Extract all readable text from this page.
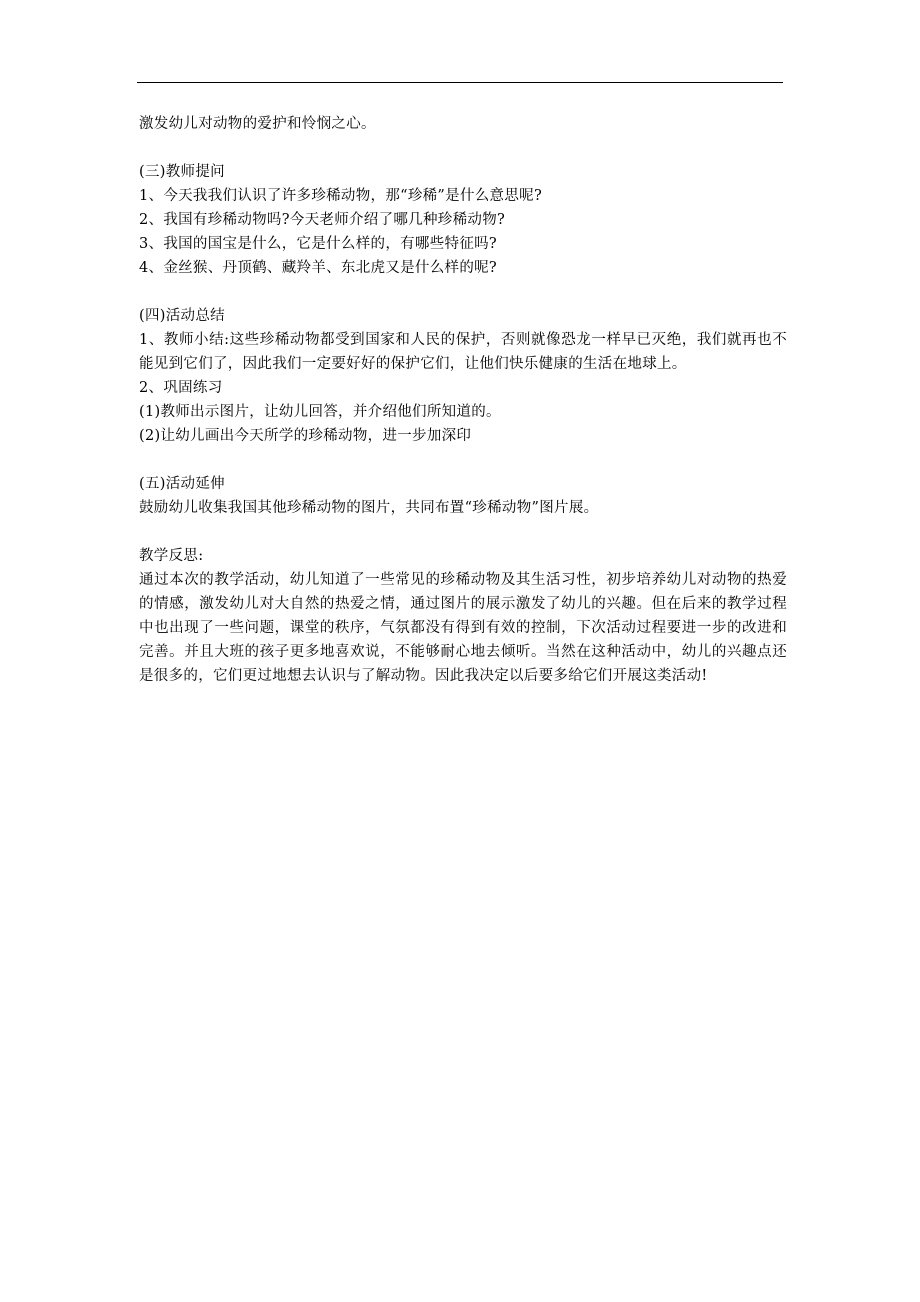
激发幼儿对动物的爱护和怜悯之心。
(三)教师提问
1、今天我我们认识了许多珍稀动物，那“珍稀”是什么意思呢?
2、我国有珍稀动物吗?今天老师介绍了哪几种珍稀动物?
3、我国的国宝是什么，它是什么样的，有哪些特征吗?
4、金丝猴、丹顶鹤、藏羚羊、东北虎又是什么样的呢?
(四)活动总结
1、教师小结:这些珍稀动物都受到国家和人民的保护，否则就像恐龙一样早已灭绝，我们就再也不能见到它们了，因此我们一定要好好的保护它们，让他们快乐健康的生活在地球上。
2、巩固练习
(1)教师出示图片，让幼儿回答，并介绍他们所知道的。
(2)让幼儿画出今天所学的珍稀动物，进一步加深印
(五)活动延伸
鼓励幼儿收集我国其他珍稀动物的图片，共同布置“珍稀动物”图片展。
教学反思:
通过本次的教学活动，幼儿知道了一些常见的珍稀动物及其生活习性，初步培养幼儿对动物的热爱的情感，激发幼儿对大自然的热爱之情，通过图片的展示激发了幼儿的兴趣。但在后来的教学过程中也出现了一些问题，课堂的秩序，气氛都没有得到有效的控制，下次活动过程要进一步的改进和完善。并且大班的孩子更多地喜欢说，不能够耐心地去倾听。当然在这种活动中，幼儿的兴趣点还是很多的，它们更过地想去认识与了解动物。因此我决定以后要多给它们开展这类活动!
